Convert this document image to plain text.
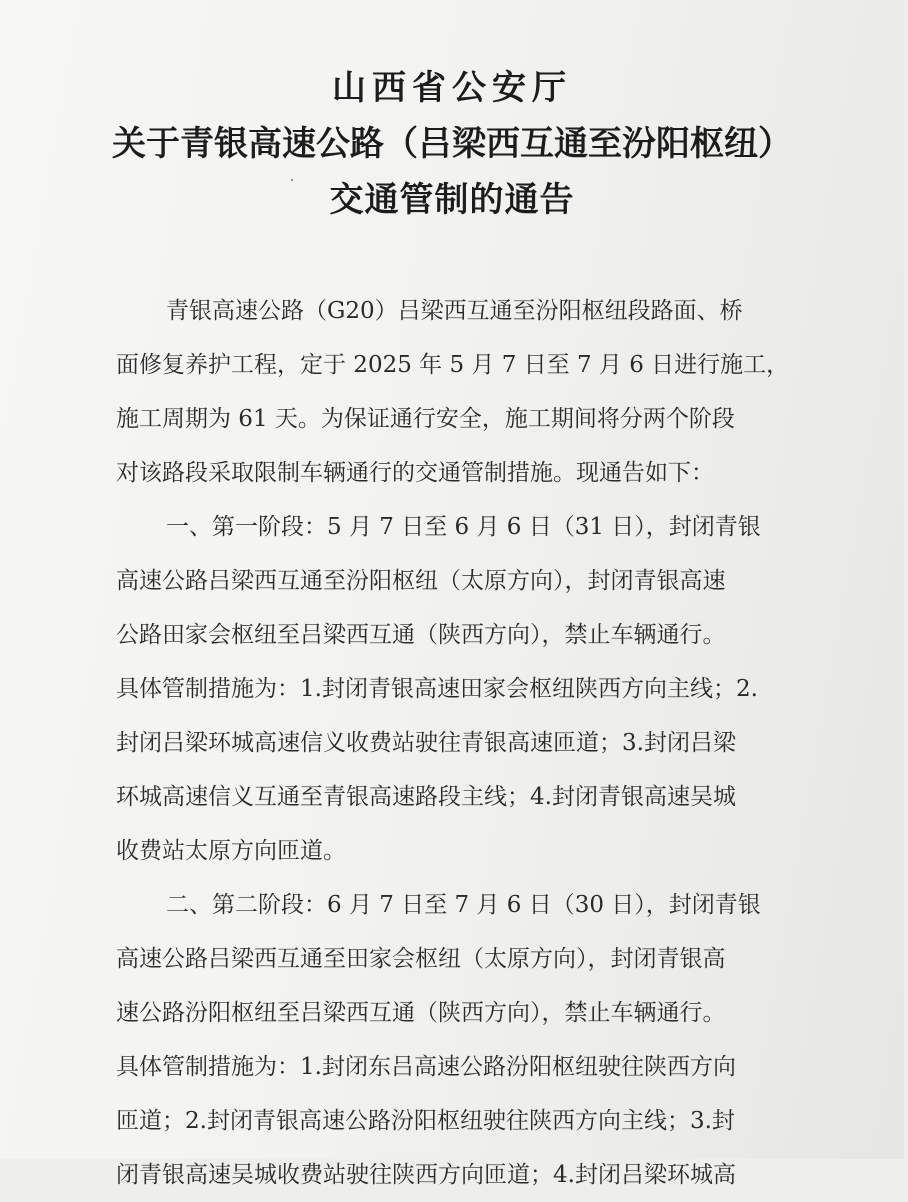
山西省公安厅
关于青银高速公路（吕梁西互通至汾阳枢纽）
交通管制的通告
青银高速公路（G20）吕梁西互通至汾阳枢纽段路面、桥
面修复养护工程，定于 2025 年 5 月 7 日至 7 月 6 日进行施工，
施工周期为 61 天。为保证通行安全，施工期间将分两个阶段
对该路段采取限制车辆通行的交通管制措施。现通告如下：
一、第一阶段：5 月 7 日至 6 月 6 日（31 日），封闭青银
高速公路吕梁西互通至汾阳枢纽（太原方向），封闭青银高速
公路田家会枢纽至吕梁西互通（陕西方向），禁止车辆通行。
具体管制措施为：1.封闭青银高速田家会枢纽陕西方向主线；2.
封闭吕梁环城高速信义收费站驶往青银高速匝道；3.封闭吕梁
环城高速信义互通至青银高速路段主线；4.封闭青银高速吴城
收费站太原方向匝道。
二、第二阶段：6 月 7 日至 7 月 6 日（30 日），封闭青银
高速公路吕梁西互通至田家会枢纽（太原方向），封闭青银高
速公路汾阳枢纽至吕梁西互通（陕西方向），禁止车辆通行。
具体管制措施为：1.封闭东吕高速公路汾阳枢纽驶往陕西方向
匝道；2.封闭青银高速公路汾阳枢纽驶往陕西方向主线；3.封
闭青银高速吴城收费站驶往陕西方向匝道；4.封闭吕梁环城高
